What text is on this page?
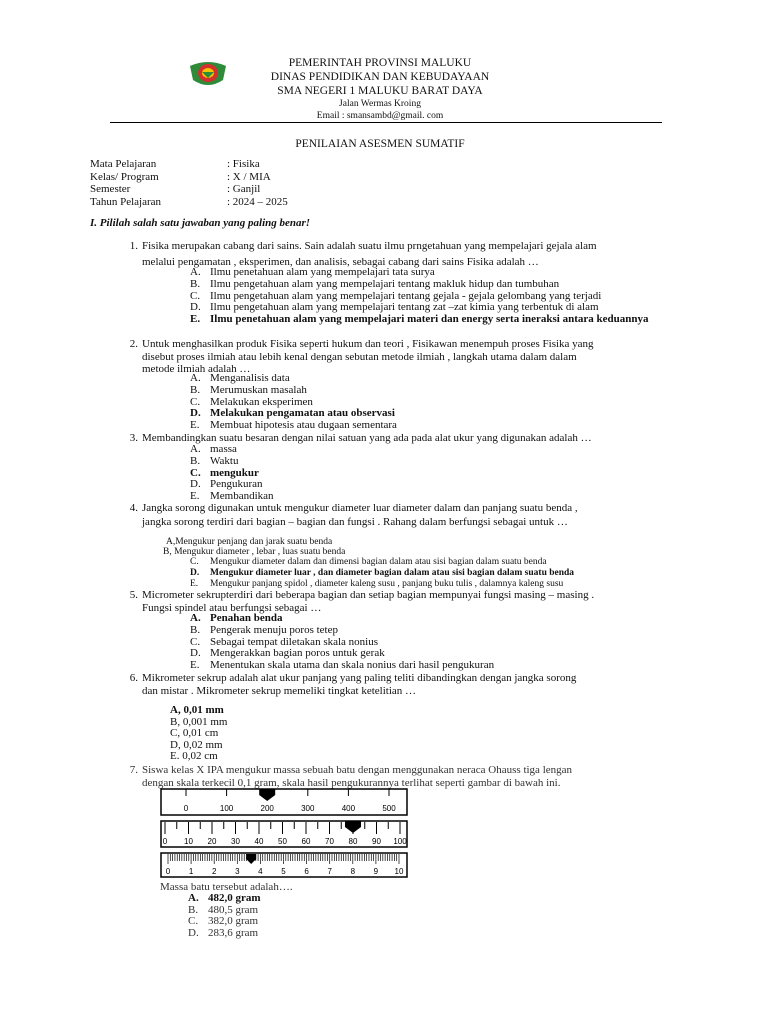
PEMERINTAH PROVINSI MALUKU
DINAS PENDIDIKAN DAN KEBUDAYAAN
SMA NEGERI 1 MALUKU BARAT DAYA
Jalan Wermas Kroing
Email : smansambd@gmail. com
PENILAIAN ASESMEN SUMATIF
Mata Pelajaran	: Fisika
Kelas/ Program	: X / MIA
Semester	: Ganjil
Tahun Pelajaran	: 2024 – 2025
I. Pililah salah satu jawaban yang paling benar!
1. Fisika merupakan cabang dari sains. Sain adalah suatu ilmu prngetahuan yang mempelajari gejala alam
melalui pengamatan , eksperimen, dan analisis, sebagai cabang dari sains Fisika adalah …
A. Ilmu penetahuan alam yang mempelajari tata surya
B. Ilmu pengetahuan alam yang mempelajari tentang makluk hidup dan tumbuhan
C. Ilmu pengetahuan alam yang mempelajari tentang gejala - gejala gelombang yang terjadi
D. Ilmu pengetahuan alam yang mempelajari tentang zat –zat kimia yang terbentuk di alam
E. Ilmu penetahuan alam yang mempelajari materi dan energy serta ineraksi antara keduannya
2. Untuk menghasilkan produk Fisika seperti hukum dan teori , Fisikawan menempuh proses Fisika yang
disebut proses ilmiah atau lebih kenal dengan sebutan metode ilmiah , langkah utama dalam dalam
metode ilmiah adalah …
A. Menganalisis data
B. Merumuskan masalah
C. Melakukan eksperimen
D. Melakukan pengamatan atau observasi
E. Membuat hipotesis atau dugaan sementara
3. Membandingkan suatu besaran dengan nilai satuan yang ada pada alat ukur yang digunakan adalah …
A. massa
B. Waktu
C. mengukur
D. Pengukuran
E. Membandikan
4. Jangka sorong digunakan untuk mengukur diameter luar diameter dalam dan panjang suatu benda ,
jangka sorong terdiri dari bagian – bagian dan fungsi . Rahang dalam berfungsi sebagai untuk …
A,Mengukur penjang dan jarak suatu benda
B, Mengukur diameter , lebar , luas suatu benda
C. Mengukur diameter dalam dan dimensi bagian dalam atau sisi bagian dalam suatu benda
D. Mengukur diameter luar , dan diameter bagian dalam atau sisi bagian dalam suatu benda
E. Mengukur panjang spidol , diameter kaleng susu , panjang buku tulis , dalamnya kaleng susu
5. Micrometer sekrupterdiri dari beberapa bagian dan setiap bagian mempunyai fungsi masing – masing .
Fungsi spindel atau berfungsi sebagai …
A. Penahan benda
B. Pengerak menuju poros tetep
C. Sebagai tempat diletakan skala nonius
D. Mengerakkan bagian poros untuk gerak
E. Menentukan skala utama dan skala nonius dari hasil pengukuran
6. Mikrometer sekrup adalah alat ukur panjang yang paling teliti dibandingkan dengan jangka sorong
dan mistar . Mikrometer sekrup memeliki tingkat ketelitian …
A, 0,01 mm
B, 0,001 mm
C, 0,01 cm
D, 0,02 mm
E. 0,02 cm
7. Siswa kelas X IPA mengukur massa sebuah batu dengan menggunakan neraca Ohauss tiga lengan
dengan skala terkecil 0,1 gram, skala hasil pengukurannya terlihat seperti gambar di bawah ini.
0	100	200	300	400	500
0 10 20 30 40 50 60 70 80 90 100
0 1 2 3 4 5 6 7 8 9 10
Massa batu tersebut adalah….
A. 482,0 gram
B. 480,5 gram
C. 382,0 gram
D. 283,6 gram
